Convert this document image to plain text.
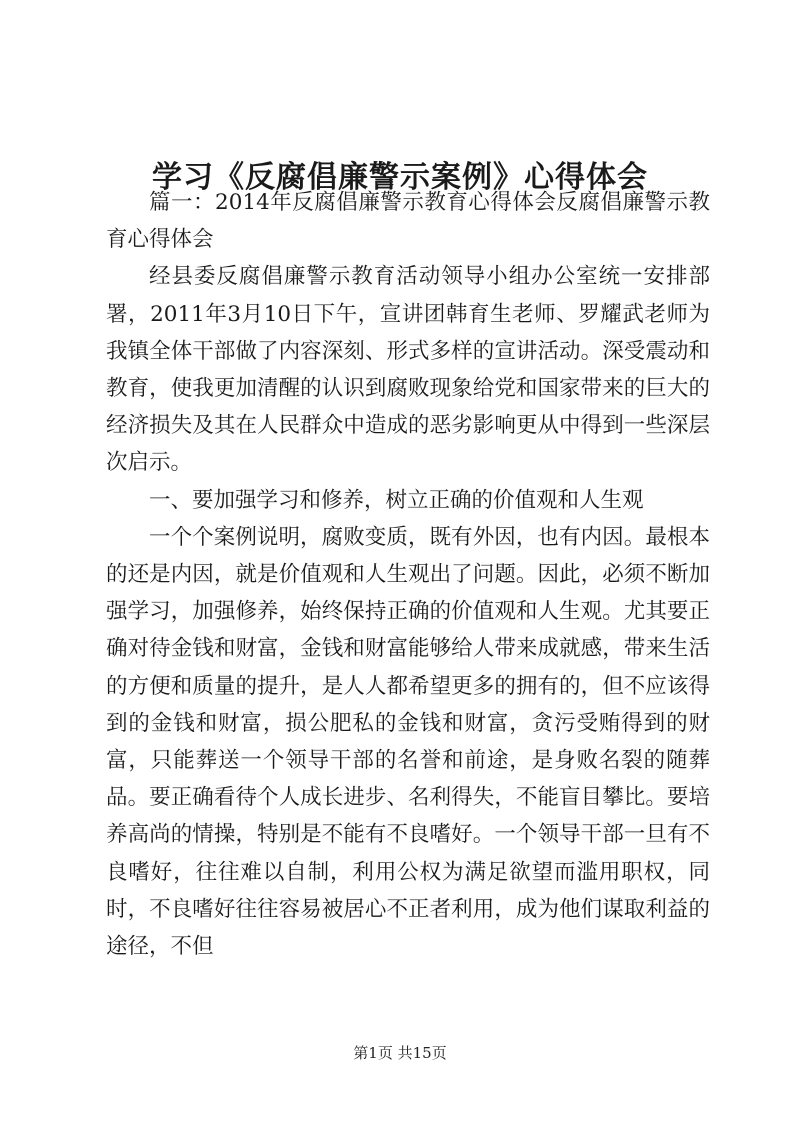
学习《反腐倡廉警示案例》心得体会

篇一：2014年反腐倡廉警示教育心得体会反腐倡廉警示教育心得体会

经县委反腐倡廉警示教育活动领导小组办公室统一安排部署，2011年3月10日下午，宣讲团韩育生老师、罗耀武老师为我镇全体干部做了内容深刻、形式多样的宣讲活动。深受震动和教育，使我更加清醒的认识到腐败现象给党和国家带来的巨大的经济损失及其在人民群众中造成的恶劣影响更从中得到一些深层次启示。

一、要加强学习和修养，树立正确的价值观和人生观

一个个案例说明，腐败变质，既有外因，也有内因。最根本的还是内因，就是价值观和人生观出了问题。因此，必须不断加强学习，加强修养，始终保持正确的价值观和人生观。尤其要正确对待金钱和财富，金钱和财富能够给人带来成就感，带来生活的方便和质量的提升，是人人都希望更多的拥有的，但不应该得到的金钱和财富，损公肥私的金钱和财富，贪污受贿得到的财富，只能葬送一个领导干部的名誉和前途，是身败名裂的随葬品。要正确看待个人成长进步、名利得失，不能盲目攀比。要培养高尚的情操，特别是不能有不良嗜好。一个领导干部一旦有不良嗜好，往往难以自制，利用公权为满足欲望而滥用职权，同时，不良嗜好往往容易被居心不正者利用，成为他们谋取利益的途径，不但

第1页 共15页
